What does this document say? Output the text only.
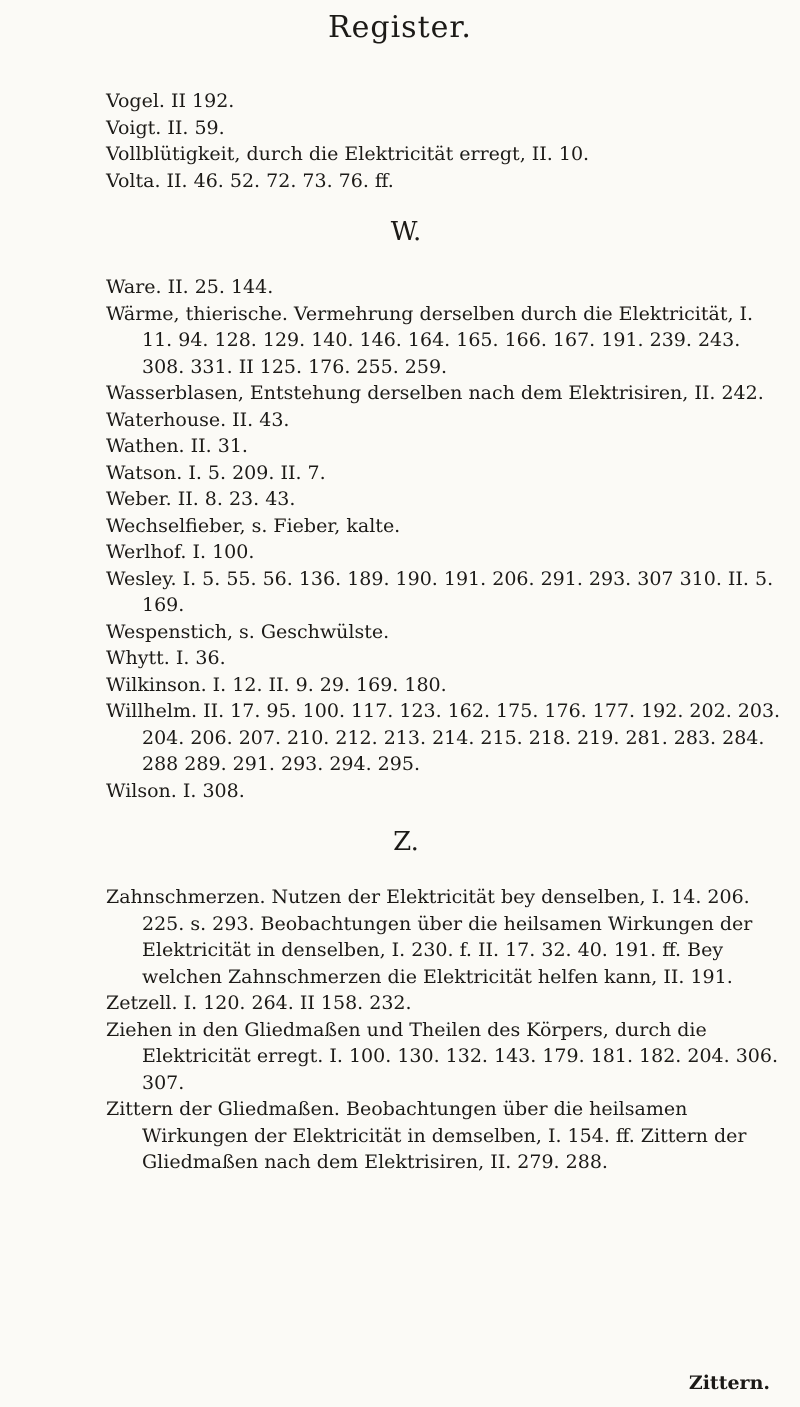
Register.
Vogel. II 192.
Voigt. II. 59.
Vollblütigkeit, durch die Elektricität erregt, II. 10.
Volta. II. 46. 52. 72. 73. 76. ff.
W.
Ware. II. 25. 144.
Wärme, thierische. Vermehrung derselben durch die Elektricität, I. 11. 94. 128. 129. 140. 146. 164. 165. 166. 167. 191. 239. 243. 308. 331. II 125. 176. 255. 259.
Wasserblasen, Entstehung derselben nach dem Elektrisiren, II. 242.
Waterhouse. II. 43.
Wathen. II. 31.
Watson. I. 5. 209. II. 7.
Weber. II. 8. 23. 43.
Wechselfieber, s. Fieber, kalte.
Werlhof. I. 100.
Wesley. I. 5. 55. 56. 136. 189. 190. 191. 206. 291. 293. 307 310. II. 5. 169.
Wespenstich, s. Geschwülste.
Whytt. I. 36.
Wilkinson. I. 12. II. 9. 29. 169. 180.
Willhelm. II. 17. 95. 100. 117. 123. 162. 175. 176. 177. 192. 202. 203. 204. 206. 207. 210. 212. 213. 214. 215. 218. 219. 281. 283. 284. 288 289. 291. 293. 294. 295.
Wilson. I. 308.
Z.
Zahnschmerzen. Nutzen der Elektricität bey denselben, I. 14. 206. 225. s. 293. Beobachtungen über die heilsamen Wirkungen der Elektricität in denselben, I. 230. f. II. 17. 32. 40. 191. ff. Bey welchen Zahnschmerzen die Elektricität helfen kann, II. 191.
Zetzell. I. 120. 264. II 158. 232.
Ziehen in den Gliedmaßen und Theilen des Körpers, durch die Elektricität erregt. I. 100. 130. 132. 143. 179. 181. 182. 204. 306. 307.
Zittern der Gliedmaßen. Beobachtungen über die heilsamen Wirkungen der Elektricität in demselben, I. 154. ff. Zittern der Gliedmaßen nach dem Elektrisiren, II. 279. 288.
Zittern.
